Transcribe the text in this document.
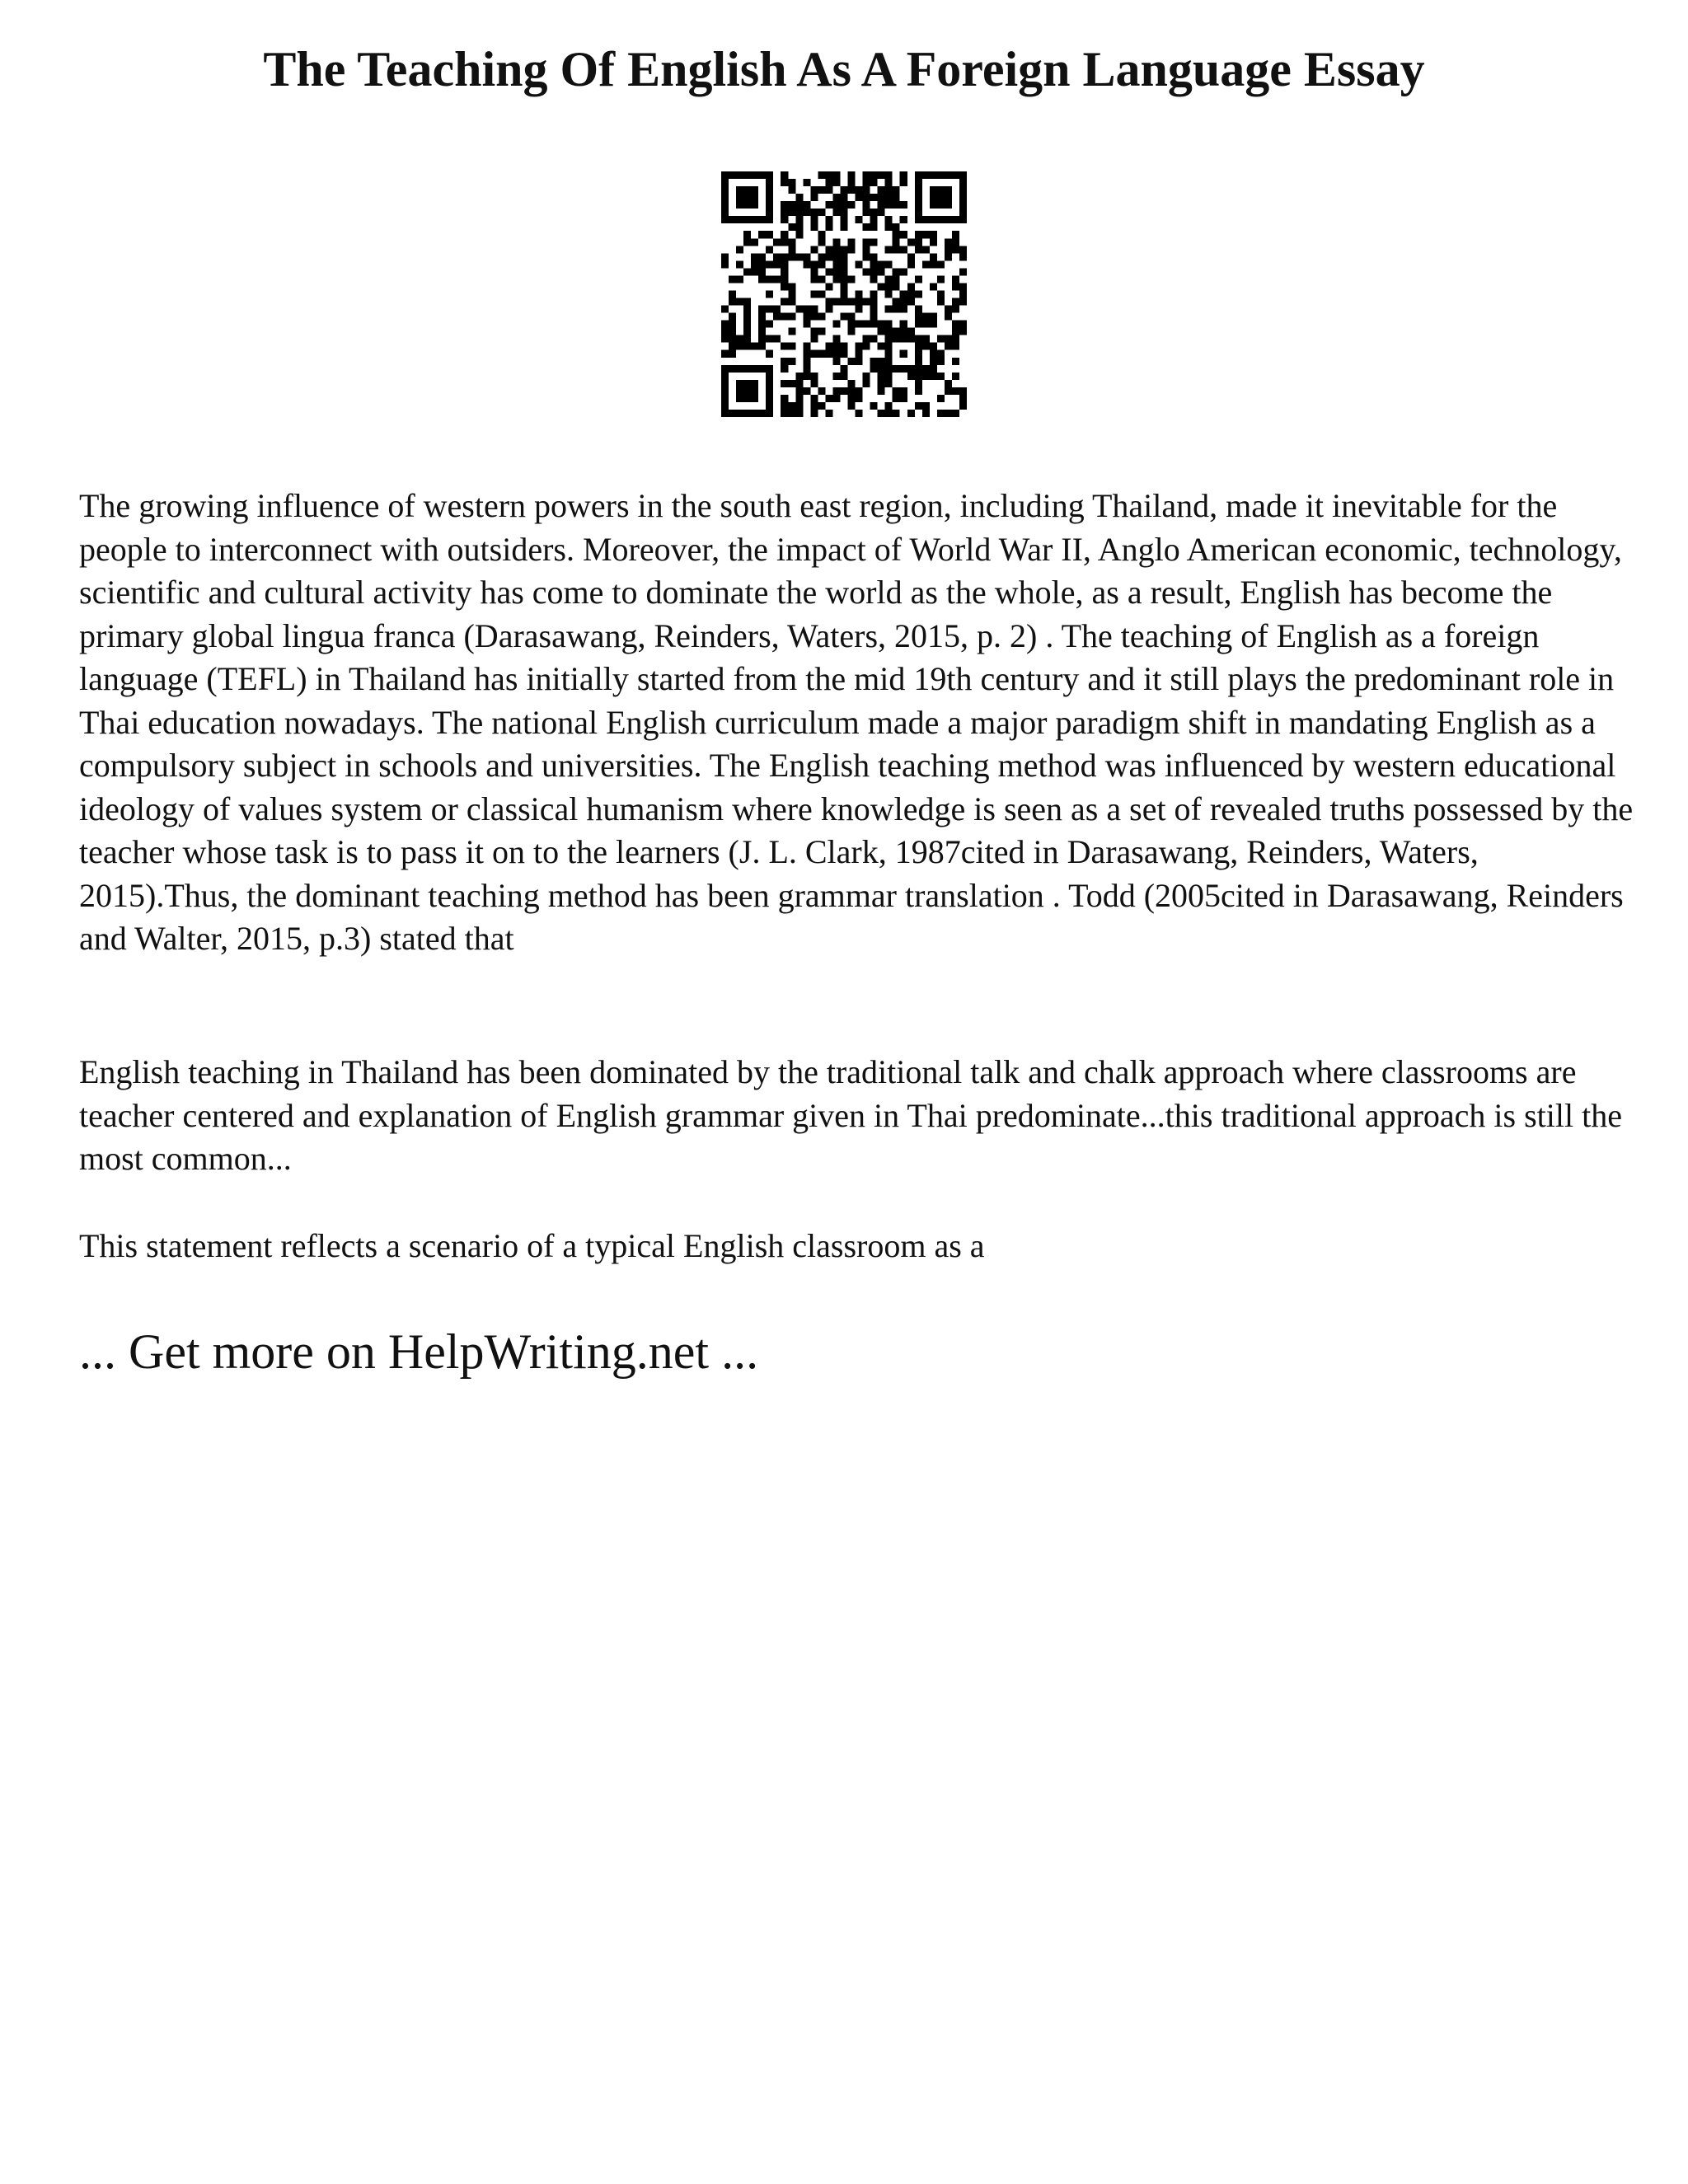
The Teaching Of English As A Foreign Language Essay

The growing influence of western powers in the south east region, including Thailand, made it inevitable for the people to interconnect with outsiders. Moreover, the impact of World War II, Anglo American economic, technology, scientific and cultural activity has come to dominate the world as the whole, as a result, English has become the primary global lingua franca (Darasawang, Reinders, Waters, 2015, p. 2) . The teaching of English as a foreign language (TEFL) in Thailand has initially started from the mid 19th century and it still plays the predominant role in Thai education nowadays. The national English curriculum made a major paradigm shift in mandating English as a compulsory subject in schools and universities. The English teaching method was influenced by western educational ideology of values system or classical humanism where knowledge is seen as a set of revealed truths possessed by the teacher whose task is to pass it on to the learners (J. L. Clark, 1987cited in Darasawang, Reinders, Waters, 2015).Thus, the dominant teaching method has been grammar translation . Todd (2005cited in Darasawang, Reinders and Walter, 2015, p.3) stated that

English teaching in Thailand has been dominated by the traditional talk and chalk approach where classrooms are teacher centered and explanation of English grammar given in Thai predominate...this traditional approach is still the most common...

This statement reflects a scenario of a typical English classroom as a

... Get more on HelpWriting.net ...
